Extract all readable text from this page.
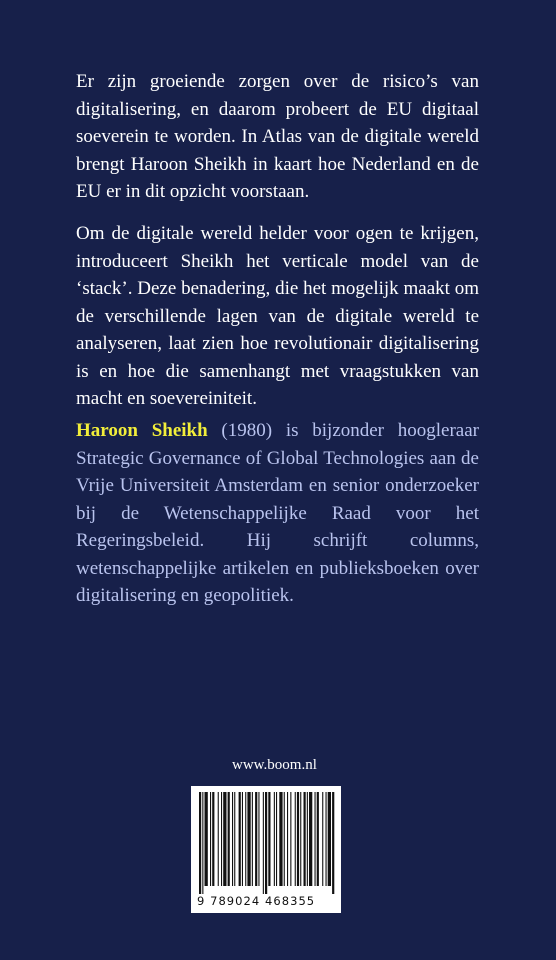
Er zijn groeiende zorgen over de risico’s van digitalisering, en daarom probeert de EU digitaal soeverein te worden. In Atlas van de digitale wereld brengt Haroon Sheikh in kaart hoe Nederland en de EU er in dit opzicht voorstaan.

Om de digitale wereld helder voor ogen te krijgen, introduceert Sheikh het verticale model van de ‘stack’. Deze benadering, die het mogelijk maakt om de verschillende lagen van de digitale wereld te analyseren, laat zien hoe revolutionair digitalisering is en hoe die samenhangt met vraagstukken van macht en soevereiniteit.

Haroon Sheikh (1980) is bijzonder hoogleraar Strategic Governance of Global Technologies aan de Vrije Universiteit Amsterdam en senior onderzoeker bij de Wetenschappelijke Raad voor het Regeringsbeleid. Hij schrijft columns, wetenschappelijke artikelen en publieksboeken over digitalisering en geopolitiek.

www.boom.nl

9 789024 468355
